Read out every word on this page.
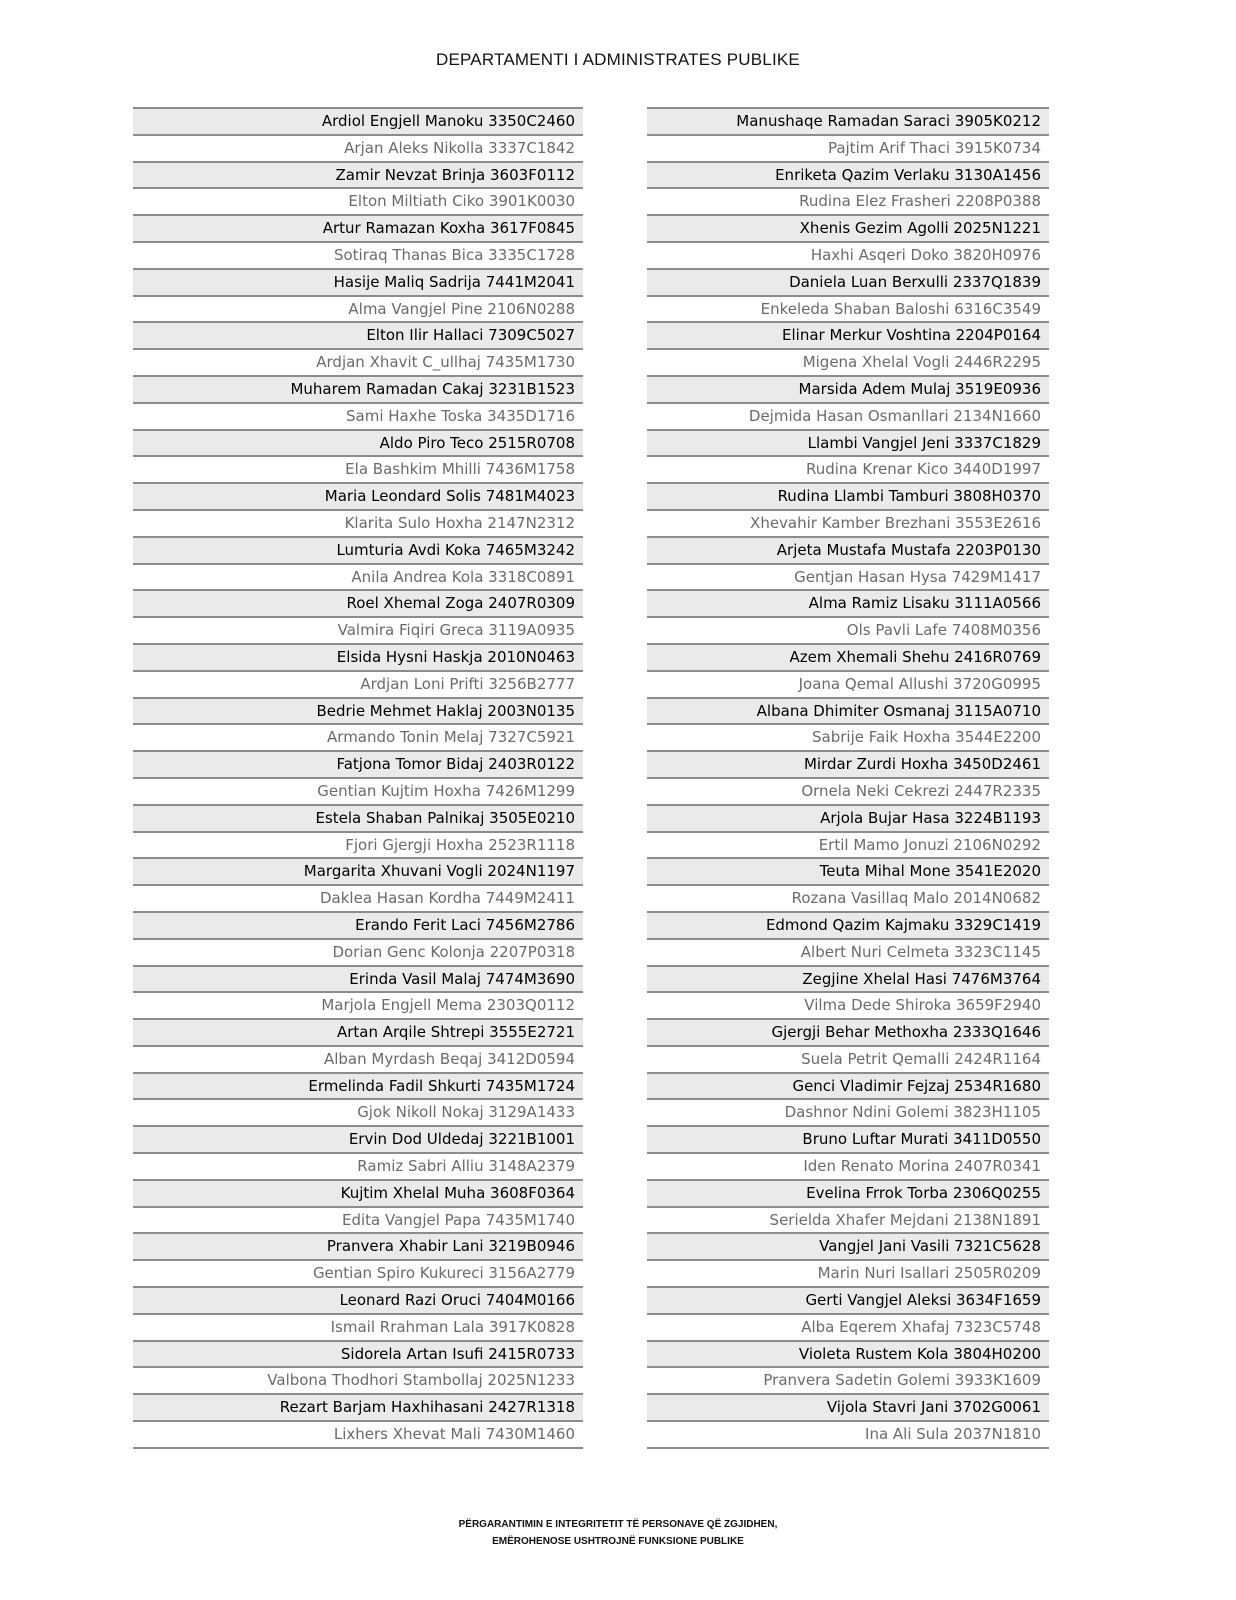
DEPARTAMENTI I ADMINISTRATES PUBLIKE
Ardiol Engjell Manoku 3350C2460
Arjan Aleks Nikolla 3337C1842
Zamir Nevzat Brinja 3603F0112
Elton Miltiath Ciko 3901K0030
Artur Ramazan Koxha 3617F0845
Sotiraq Thanas Bica 3335C1728
Hasije Maliq Sadrija 7441M2041
Alma Vangjel Pine 2106N0288
Elton Ilir Hallaci 7309C5027
Ardjan Xhavit C_ullhaj 7435M1730
Muharem Ramadan Cakaj 3231B1523
Sami Haxhe Toska 3435D1716
Aldo Piro Teco 2515R0708
Ela Bashkim Mhilli 7436M1758
Maria Leondard Solis 7481M4023
Klarita Sulo Hoxha 2147N2312
Lumturia Avdi Koka 7465M3242
Anila Andrea Kola 3318C0891
Roel Xhemal Zoga 2407R0309
Valmira Fiqiri Greca 3119A0935
Elsida Hysni Haskja 2010N0463
Ardjan Loni Prifti 3256B2777
Bedrie Mehmet Haklaj 2003N0135
Armando Tonin Melaj 7327C5921
Fatjona Tomor Bidaj 2403R0122
Gentian Kujtim Hoxha 7426M1299
Estela Shaban Palnikaj 3505E0210
Fjori Gjergji Hoxha 2523R1118
Margarita Xhuvani Vogli 2024N1197
Daklea Hasan Kordha 7449M2411
Erando Ferit Laci 7456M2786
Dorian Genc Kolonja 2207P0318
Erinda Vasil Malaj 7474M3690
Marjola Engjell Mema 2303Q0112
Artan Arqile Shtrepi 3555E2721
Alban Myrdash Beqaj 3412D0594
Ermelinda Fadil Shkurti 7435M1724
Gjok Nikoll Nokaj 3129A1433
Ervin Dod Uldedaj 3221B1001
Ramiz Sabri Alliu 3148A2379
Kujtim Xhelal Muha 3608F0364
Edita Vangjel Papa 7435M1740
Pranvera Xhabir Lani 3219B0946
Gentian Spiro Kukureci 3156A2779
Leonard Razi Oruci 7404M0166
Ismail Rrahman Lala 3917K0828
Sidorela Artan Isufi 2415R0733
Valbona Thodhori Stambollaj 2025N1233
Rezart Barjam Haxhihasani 2427R1318
Lixhers Xhevat Mali 7430M1460
Manushaqe Ramadan Saraci 3905K0212
Pajtim Arif Thaci 3915K0734
Enriketa Qazim Verlaku 3130A1456
Rudina Elez Frasheri 2208P0388
Xhenis Gezim Agolli 2025N1221
Haxhi Asqeri Doko 3820H0976
Daniela Luan Berxulli 2337Q1839
Enkeleda Shaban Baloshi 6316C3549
Elinar Merkur Voshtina 2204P0164
Migena Xhelal Vogli 2446R2295
Marsida Adem Mulaj 3519E0936
Dejmida Hasan Osmanllari 2134N1660
Llambi Vangjel Jeni 3337C1829
Rudina Krenar Kico 3440D1997
Rudina Llambi Tamburi 3808H0370
Xhevahir Kamber Brezhani 3553E2616
Arjeta Mustafa Mustafa 2203P0130
Gentjan Hasan Hysa 7429M1417
Alma Ramiz Lisaku 3111A0566
Ols Pavli Lafe 7408M0356
Azem Xhemali Shehu 2416R0769
Joana Qemal Allushi 3720G0995
Albana Dhimiter Osmanaj 3115A0710
Sabrije Faik Hoxha 3544E2200
Mirdar Zurdi Hoxha 3450D2461
Ornela Neki Cekrezi 2447R2335
Arjola Bujar Hasa 3224B1193
Ertil Mamo Jonuzi 2106N0292
Teuta Mihal Mone 3541E2020
Rozana Vasillaq Malo 2014N0682
Edmond Qazim Kajmaku 3329C1419
Albert Nuri Celmeta 3323C1145
Zegjine Xhelal Hasi 7476M3764
Vilma Dede Shiroka 3659F2940
Gjergji Behar Methoxha 2333Q1646
Suela Petrit Qemalli 2424R1164
Genci Vladimir Fejzaj 2534R1680
Dashnor Ndini Golemi 3823H1105
Bruno Luftar Murati 3411D0550
Iden Renato Morina 2407R0341
Evelina Frrok Torba 2306Q0255
Serielda Xhafer Mejdani 2138N1891
Vangjel Jani Vasili 7321C5628
Marin Nuri Isallari 2505R0209
Gerti Vangjel Aleksi 3634F1659
Alba Eqerem Xhafaj 7323C5748
Violeta Rustem Kola 3804H0200
Pranvera Sadetin Golemi 3933K1609
Vijola Stavri Jani 3702G0061
Ina Ali Sula 2037N1810
PËRGARANTIMIN E INTEGRITETIT TË PERSONAVE QË ZGJIDHEN,
EMËROHENOSE USHTROJNË FUNKSIONE PUBLIKE
